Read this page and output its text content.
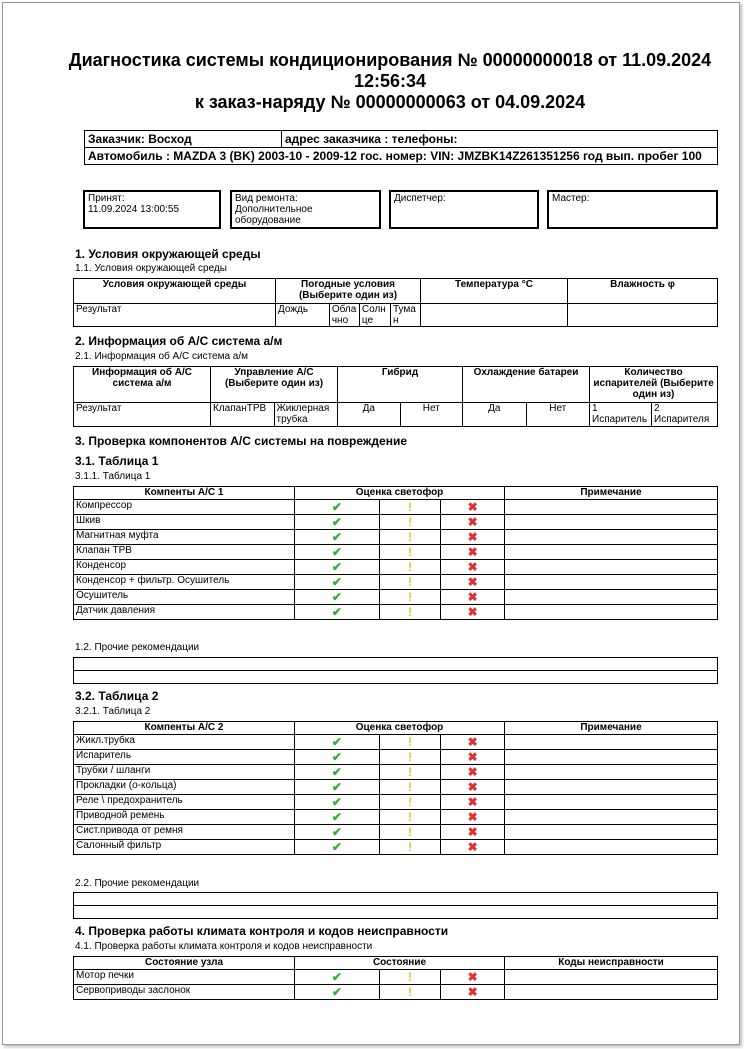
Диагностика системы кондиционирования № 00000000018 от 11.09.2024 12:56:34
к заказ-наряду № 00000000063 от 04.09.2024
Заказчик: Восход	адрес заказчика : телефоны:
Автомобиль : MAZDA 3 (BK) 2003-10 - 2009-12 гос. номер: VIN: JMZBK14Z261351256 год вып. пробег 100
Принят:
11.09.2024 13:00:55
Вид ремонта:
Дополнительное оборудование
Диспетчер:	Мастер:
1. Условия окружающей среды
1.1. Условия окружающей среды
Условия окружающей среды	Погодные условия (Выберите один из)				Температура °C	Влажность φ
Результат	Дождь	Облачно	Солнце	Туман		
2. Информация об А/С система а/м
2.1. Информация об А/С система а/м
Информация об А/С система а/м	Управление А/С (Выберите один из)		Гибрид		Охлаждение батареи		Количество испарителей (Выберите один из)	
Результат	КлапанТРВ	Жиклерная трубка	Да	Нет	Да	Нет	1 Испаритель	2 Испарителя
3. Проверка компонентов А/С системы на повреждение
3.1. Таблица 1
3.1.1. Таблица 1
Компенты А/С 1	Оценка светофор			Примечание
Компрессор	✔	!	✖	
Шкив	✔	!	✖	
Магнитная муфта	✔	!	✖	
Клапан ТРВ	✔	!	✖	
Конденсор	✔	!	✖	
Конденсор + фильтр. Осушитель	✔	!	✖	
Осушитель	✔	!	✖	
Датчик давления	✔	!	✖	
1.2. Прочие рекомендации

3.2. Таблица 2
3.2.1. Таблица 2
Компенты А/С 2	Оценка светофор			Примечание
Жикл.трубка	✔	!	✖	
Испаритель	✔	!	✖	
Трубки / шланги	✔	!	✖	
Прокладки (о-кольца)	✔	!	✖	
Реле \ предохранитель	✔	!	✖	
Приводной ремень	✔	!	✖	
Сист.привода от ремня	✔	!	✖	
Салонный фильтр	✔	!	✖	
2.2. Прочие рекомендации

4. Проверка работы климата контроля и кодов неисправности
4.1. Проверка работы климата контроля и кодов неисправности
Состояние узла	Состояние			Коды неисправности
Мотор печки	✔	!	✖	
Сервоприводы заслонок	✔	!	✖	
